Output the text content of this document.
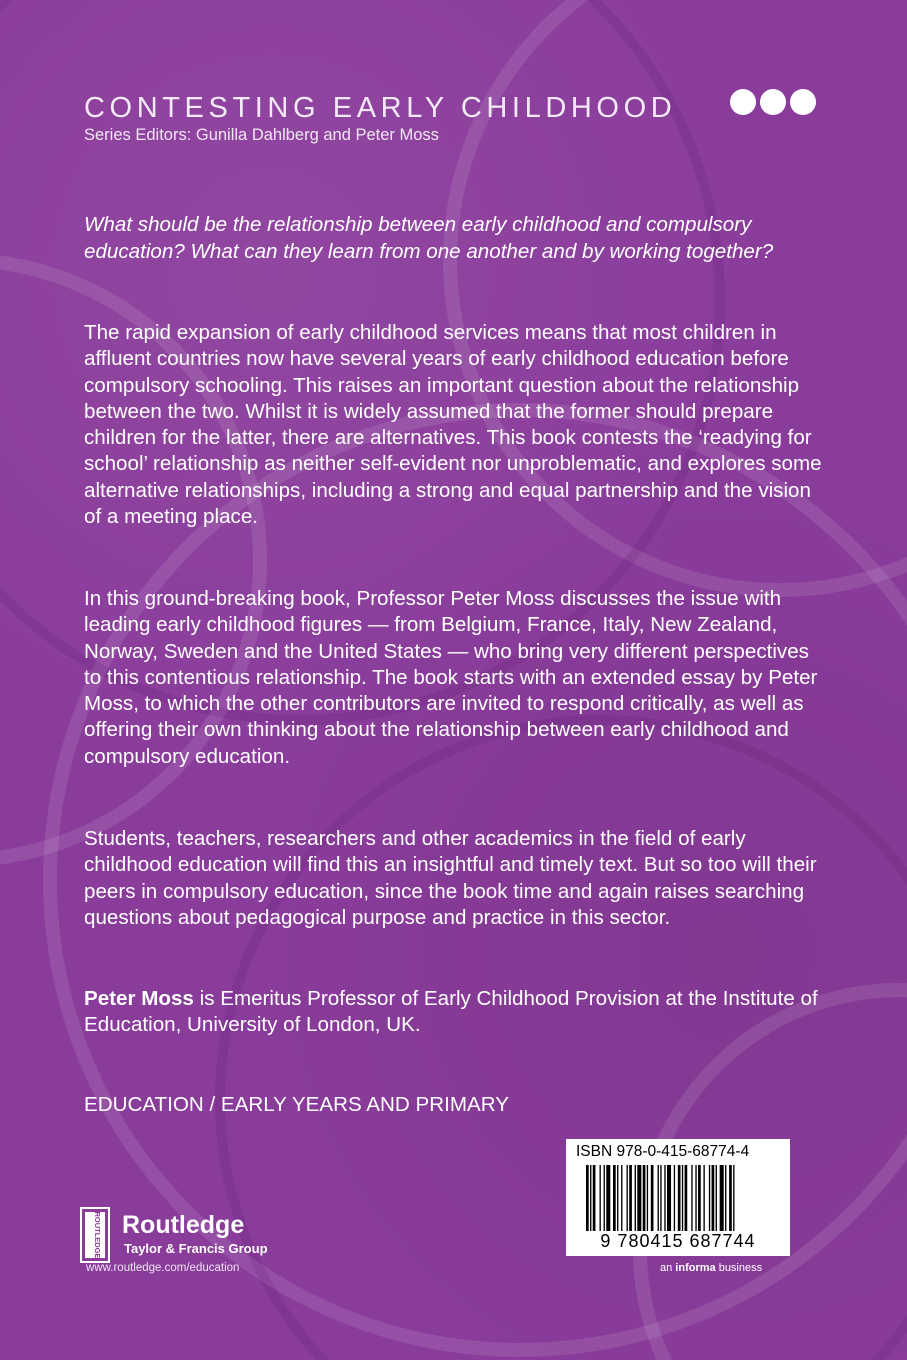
CONTESTING EARLY CHILDHOOD
Series Editors: Gunilla Dahlberg and Peter Moss

What should be the relationship between early childhood and compulsory education? What can they learn from one another and by working together?

The rapid expansion of early childhood services means that most children in affluent countries now have several years of early childhood education before compulsory schooling. This raises an important question about the relationship between the two. Whilst it is widely assumed that the former should prepare children for the latter, there are alternatives. This book contests the ‘readying for school’ relationship as neither self-evident nor unproblematic, and explores some alternative relationships, including a strong and equal partnership and the vision of a meeting place.

In this ground-breaking book, Professor Peter Moss discusses the issue with leading early childhood figures — from Belgium, France, Italy, New Zealand, Norway, Sweden and the United States — who bring very different perspectives to this contentious relationship. The book starts with an extended essay by Peter Moss, to which the other contributors are invited to respond critically, as well as offering their own thinking about the relationship between early childhood and compulsory education.

Students, teachers, researchers and other academics in the field of early childhood education will find this an insightful and timely text. But so too will their peers in compulsory education, since the book time and again raises searching questions about pedagogical purpose and practice in this sector.

Peter Moss is Emeritus Professor of Early Childhood Provision at the Institute of Education, University of London, UK.

EDUCATION / EARLY YEARS AND PRIMARY
ROUTLEDGE Routledge
Taylor & Francis Group
www.routledge.com/education
ISBN 978-0-415-68774-4
9 780415 687744
an informa business
